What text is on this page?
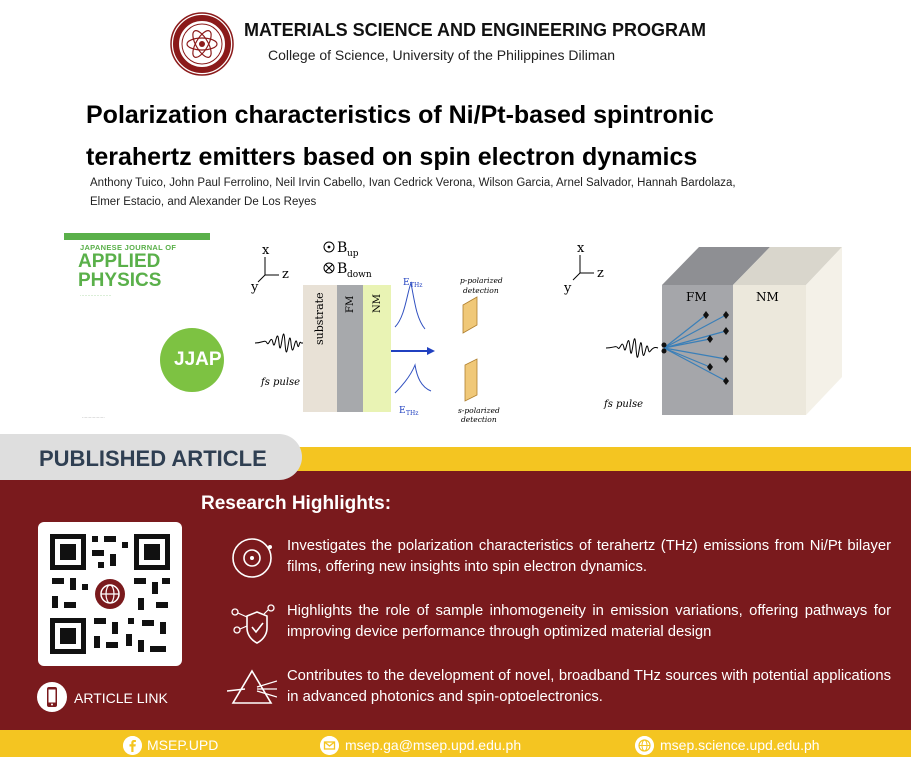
MATERIALS SCIENCE AND ENGINEERING PROGRAM
College of Science, University of the Philippines Diliman
Polarization characteristics of Ni/Pt-based spintronic
terahertz emitters based on spin electron dynamics
Anthony Tuico, John Paul Ferrolino, Neil Irvin Cabello, Ivan Cedrick Verona, Wilson Garcia, Arnel Salvador, Hannah Bardolaza,
Elmer Estacio, and Alexander De Los Reyes
JAPANESE JOURNAL OF
APPLIED
PHYSICS
·····················
JJAP
·················
x
z
y
B up
B down
substrate FM NM
fs pulse
E THz
E THz
p-polarized
detection
s-polarized
detection
x
z
y
FM	NM
fs pulse
PUBLISHED ARTICLE
Research Highlights:
ARTICLE LINK
Investigates the polarization characteristics of terahertz (THz) emissions from Ni/Pt bilayer films, offering new insights into spin electron dynamics.
Highlights the role of sample inhomogeneity in emission variations, offering pathways for improving device performance through optimized material design
Contributes to the development of novel, broadband THz sources with potential applications in advanced photonics and spin-optoelectronics.
MSEP.UPD	msep.ga@msep.upd.edu.ph	msep.science.upd.edu.ph
